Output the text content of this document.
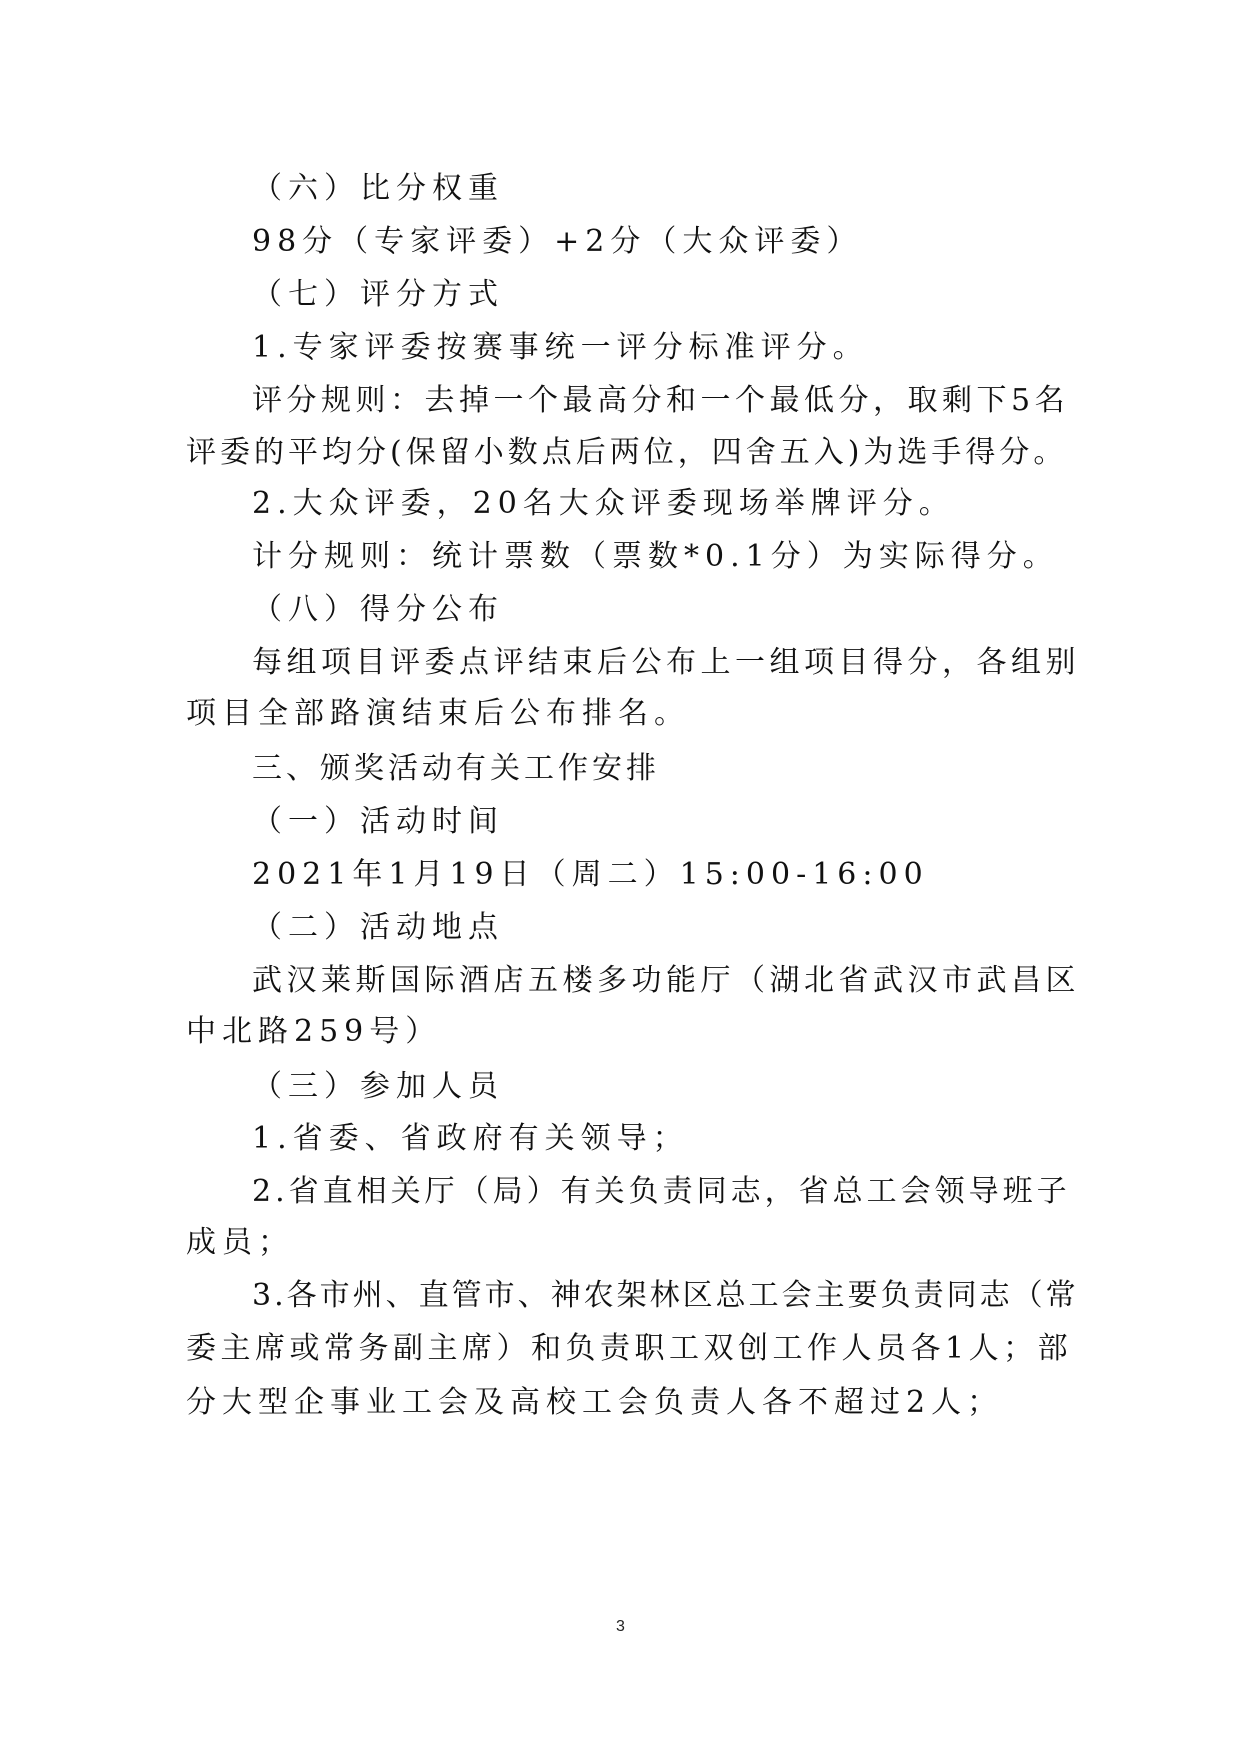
（六）比分权重
98分（专家评委）+2分（大众评委）
（七）评分方式
1.专家评委按赛事统一评分标准评分。
评分规则：去掉一个最高分和一个最低分，取剩下5名
评委的平均分(保留小数点后两位，四舍五入)为选手得分。
2.大众评委，20名大众评委现场举牌评分。
计分规则：统计票数（票数*0.1分）为实际得分。
（八）得分公布
每组项目评委点评结束后公布上一组项目得分，各组别
项目全部路演结束后公布排名。
三、颁奖活动有关工作安排
（一）活动时间
2021年1月19日（周二）15:00-16:00
（二）活动地点
武汉莱斯国际酒店五楼多功能厅（湖北省武汉市武昌区
中北路259号）
（三）参加人员
1.省委、省政府有关领导；
2.省直相关厅（局）有关负责同志，省总工会领导班子
成员；
3.各市州、直管市、神农架林区总工会主要负责同志（常
委主席或常务副主席）和负责职工双创工作人员各1人；部
分大型企事业工会及高校工会负责人各不超过2人；
3
